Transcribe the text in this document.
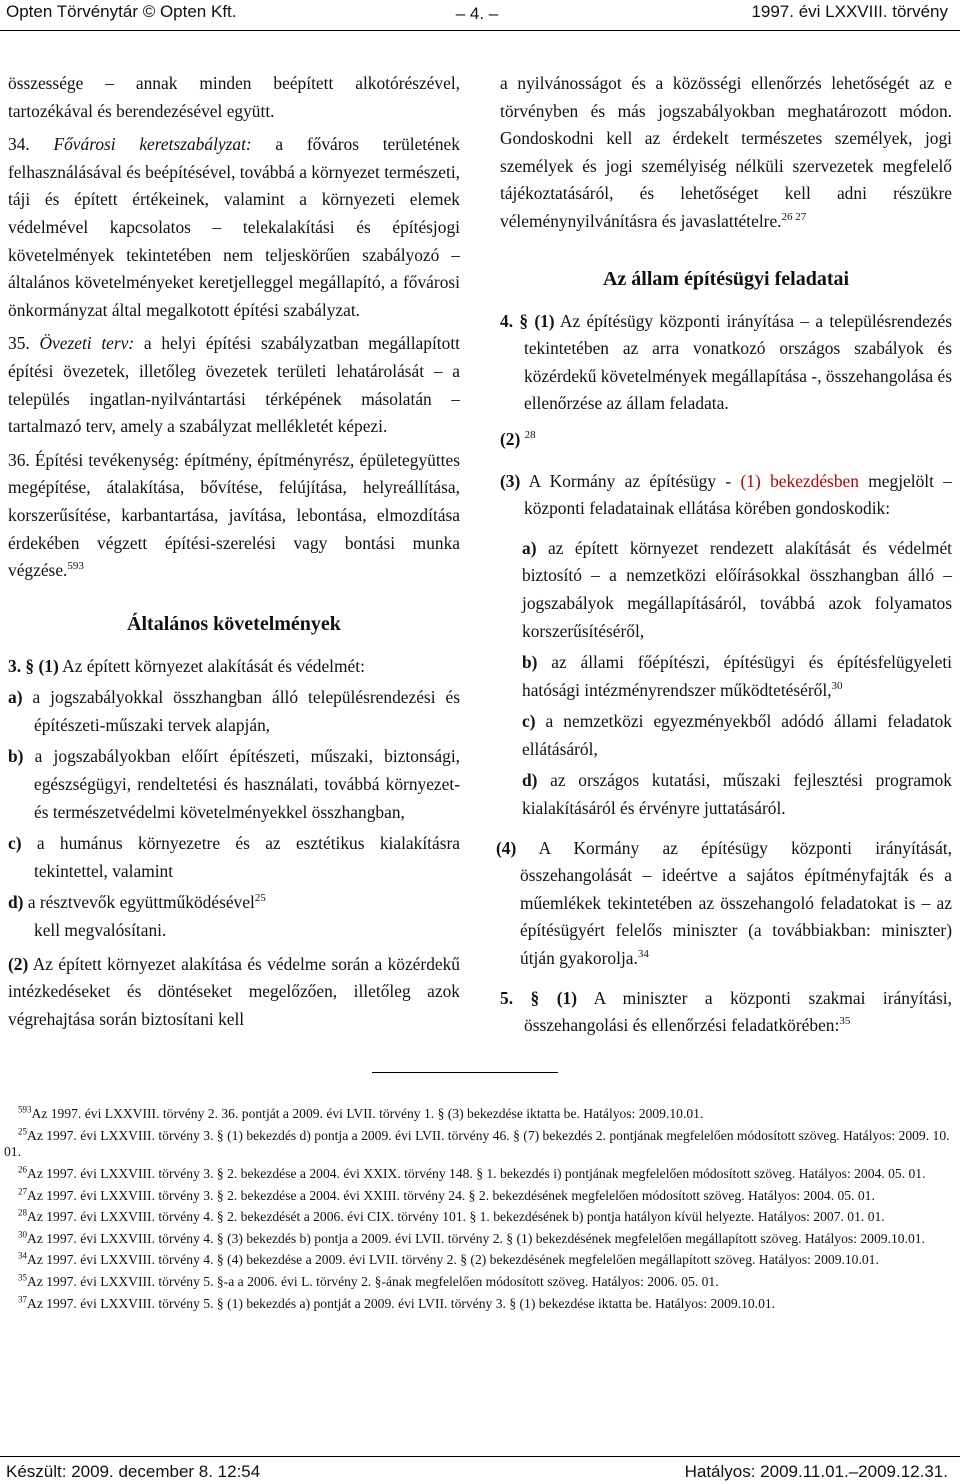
Opten Törvénytár © Opten Kft.	– 4. –	1997. évi LXXVIII. törvény

összessége – annak minden beépített alkotórészével, tartozékával és berendezésével együtt.

34. Fővárosi keretszabályzat: a főváros területének felhasználásával és beépítésével, továbbá a környezet természeti, táji és épített értékeinek, valamint a környezeti elemek védelmével kapcsolatos – telekalakítási és építésjogi követelmények tekintetében nem teljeskörűen szabályozó – általános követelményeket keretjelleggel megállapító, a fővárosi önkormányzat által megalkotott építési szabályzat.

35. Övezeti terv: a helyi építési szabályzatban megállapított építési övezetek, illetőleg övezetek területi lehatárolását – a település ingatlan-nyilvántartási térképének másolatán – tartalmazó terv, amely a szabályzat mellékletét képezi.

36. Építési tevékenység: építmény, építményrész, épületegyüttes megépítése, átalakítása, bővítése, felújítása, helyreállítása, korszerűsítése, karbantartása, javítása, lebontása, elmozdítása érdekében végzett építési-szerelési vagy bontási munka végzése.$^{593}$

Általános követelmények

3. § (1) Az épített környezet alakítását és védelmét:

a) a jogszabályokkal összhangban álló településrendezési és építészeti-műszaki tervek alapján,

b) a jogszabályokban előírt építészeti, műszaki, biztonsági, egészségügyi, rendeltetési és használati, továbbá környezet- és természetvédelmi követelményekkel összhangban,

c) a humánus környezetre és az esztétikus kialakításra tekintettel, valamint

d) a résztvevők együttműködésével$^{25}$

kell megvalósítani.

(2) Az épített környezet alakítása és védelme során a közérdekű intézkedéseket és döntéseket megelőzően, illetőleg azok végrehajtása során biztosítani kell

a nyilvánosságot és a közösségi ellenőrzés lehetőségét az e törvényben és más jogszabályokban meghatározott módon. Gondoskodni kell az érdekelt természetes személyek, jogi személyek és jogi személyiség nélküli szervezetek megfelelő tájékoztatásáról, és lehetőséget kell adni részükre véleménynyilvánításra és javaslattételre.$^{26 27}$

Az állam építésügyi feladatai

4. § (1) Az építésügy központi irányítása – a településrendezés tekintetében az arra vonatkozó országos szabályok és közérdekű követelmények megállapítása -, összehangolása és ellenőrzése az állam feladata.

(2) $^{28}$

(3) A Kormány az építésügy - (1) bekezdésben megjelölt – központi feladatainak ellátása körében gondoskodik:

a) az épített környezet rendezett alakítását és védelmét biztosító – a nemzetközi előírásokkal összhangban álló – jogszabályok megállapításáról, továbbá azok folyamatos korszerűsítéséről,

b) az állami főépítészi, építésügyi és építésfelügyeleti hatósági intézményrendszer működtetéséről,$^{30}$

c) a nemzetközi egyezményekből adódó állami feladatok ellátásáról,

d) az országos kutatási, műszaki fejlesztési programok kialakításáról és érvényre juttatásáról.

(4) A Kormány az építésügy központi irányítását, összehangolását – ideértve a sajátos építményfajták és a műemlékek tekintetében az összehangoló feladatokat is – az építésügyért felelős miniszter (a továbbiakban: miniszter) útján gyakorolja.$^{34}$

5. § (1) A miniszter a központi szakmai irányítási, összehangolási és ellenőrzési feladatkörében:$^{35}$

$^{593}$Az 1997. évi LXXVIII. törvény 2. 36. pontját a 2009. évi LVII. törvény 1. § (3) bekezdése iktatta be. Hatályos: 2009.10.01.

$^{25}$Az 1997. évi LXXVIII. törvény 3. § (1) bekezdés d) pontja a 2009. évi LVII. törvény 46. § (7) bekezdés 2. pontjának megfelelően módosított szöveg. Hatályos: 2009. 10. 01.

$^{26}$Az 1997. évi LXXVIII. törvény 3. § 2. bekezdése a 2004. évi XXIX. törvény 148. § 1. bekezdés i) pontjának megfelelően módosított szöveg. Hatályos: 2004. 05. 01.

$^{27}$Az 1997. évi LXXVIII. törvény 3. § 2. bekezdése a 2004. évi XXIII. törvény 24. § 2. bekezdésének megfelelően módosított szöveg. Hatályos: 2004. 05. 01.

$^{28}$Az 1997. évi LXXVIII. törvény 4. § 2. bekezdését a 2006. évi CIX. törvény 101. § 1. bekezdésének b) pontja hatályon kívül helyezte. Hatályos: 2007. 01. 01.

$^{30}$Az 1997. évi LXXVIII. törvény 4. § (3) bekezdés b) pontja a 2009. évi LVII. törvény 2. § (1) bekezdésének megfelelően megállapított szöveg. Hatályos: 2009.10.01.

$^{34}$Az 1997. évi LXXVIII. törvény 4. § (4) bekezdése a 2009. évi LVII. törvény 2. § (2) bekezdésének megfelelően megállapított szöveg. Hatályos: 2009.10.01.

$^{35}$Az 1997. évi LXXVIII. törvény 5. §-a a 2006. évi L. törvény 2. §-ának megfelelően módosított szöveg. Hatályos: 2006. 05. 01.

$^{37}$Az 1997. évi LXXVIII. törvény 5. § (1) bekezdés a) pontját a 2009. évi LVII. törvény 3. § (1) bekezdése iktatta be. Hatályos: 2009.10.01.

Készült: 2009. december 8. 12:54	Hatályos: 2009.11.01.–2009.12.31.
